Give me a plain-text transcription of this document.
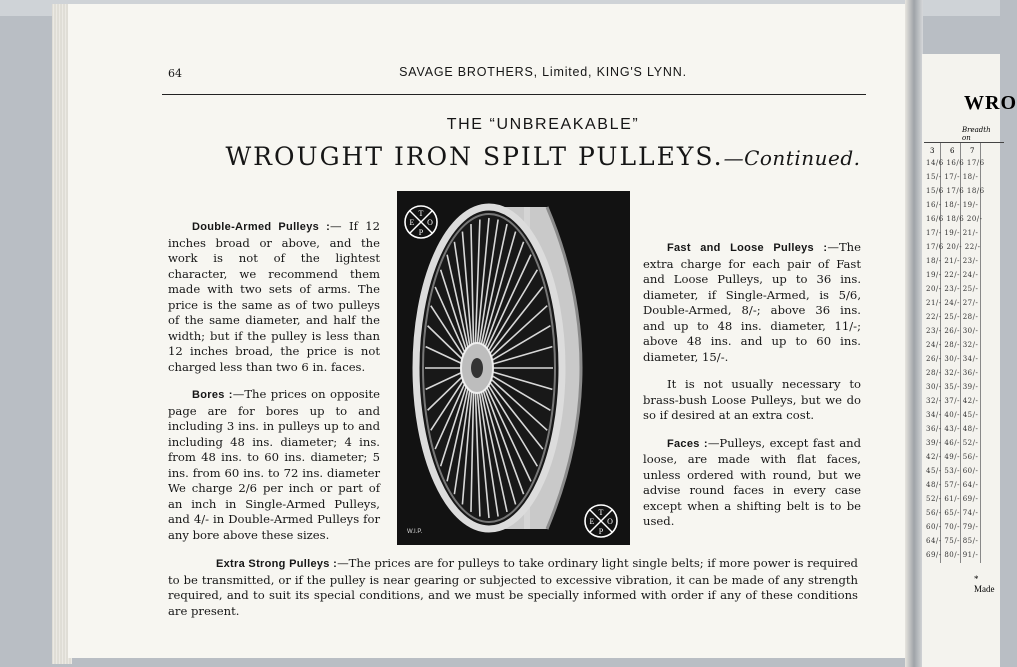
64	SAVAGE BROTHERS, Limited, KING'S LYNN.
THE “UNBREAKABLE”
WROUGHT IRON SPILT PULLEYS.—Continued.

Double-Armed Pulleys :— If 12 inches broad or above, and the work is not of the lightest character, we recommend them made with two sets of arms. The price is the same as of two pulleys of the same diameter, and half the width; but if the pulley is less than 12 inches broad, the price is not charged less than two 6 in. faces.

Bores :—The prices on opposite page are for bores up to and including 3 ins. in pulleys up to and including 48 ins. diameter; 4 ins. from 48 ins. to 60 ins. diameter; 5 ins. from 60 ins. to 72 ins. diameter We charge 2/6 per inch or part of an inch in Single-Armed Pulleys, and 4/- in Double-Armed Pulleys for any bore above these sizes.

T
E O
P
T
E O
P
W.I.P.

Fast and Loose Pulleys :—The extra charge for each pair of Fast and Loose Pulleys, up to 36 ins. diameter, if Single-Armed, is 5/6, Double-Armed, 8/-; above 36 ins. and up to 48 ins. diameter, 11/-; above 48 ins. and up to 60 ins. diameter, 15/-.

It is not usually necessary to brass-bush Loose Pulleys, but we do so if desired at an extra cost.

Faces :—Pulleys, except fast and loose, are made with flat faces, unless ordered with round, but we advise round faces in every case except when a shifting belt is to be used.

Extra Strong Pulleys :—The prices are for pulleys to take ordinary light single belts; if more power is required to be transmitted, or if the pulley is near gearing or subjected to excessive vibration, it can be made of any strength required, and to suit its special conditions, and we must be specially informed with order if any of these conditions are present.
WRO
Breadth on
3 6 7
14/6 16/6 17/6
15/- 17/- 18/-
15/6 17/6 18/6
16/- 18/- 19/-
16/6 18/6 20/-
17/- 19/- 21/-
17/6 20/- 22/-
18/- 21/- 23/-
19/- 22/- 24/-
20/- 23/- 25/-
21/- 24/- 27/-
22/- 25/- 28/-
23/- 26/- 30/-
24/- 28/- 32/-
26/- 30/- 34/-
28/- 32/- 36/-
30/- 35/- 39/-
32/- 37/- 42/-
34/- 40/- 45/-
36/- 43/- 48/-
39/- 46/- 52/-
42/- 49/- 56/-
45/- 53/- 60/-
48/- 57/- 64/-
52/- 61/- 69/-
56/- 65/- 74/-
60/- 70/- 79/-
64/- 75/- 85/-
69/- 80/- 91/-
* Made
